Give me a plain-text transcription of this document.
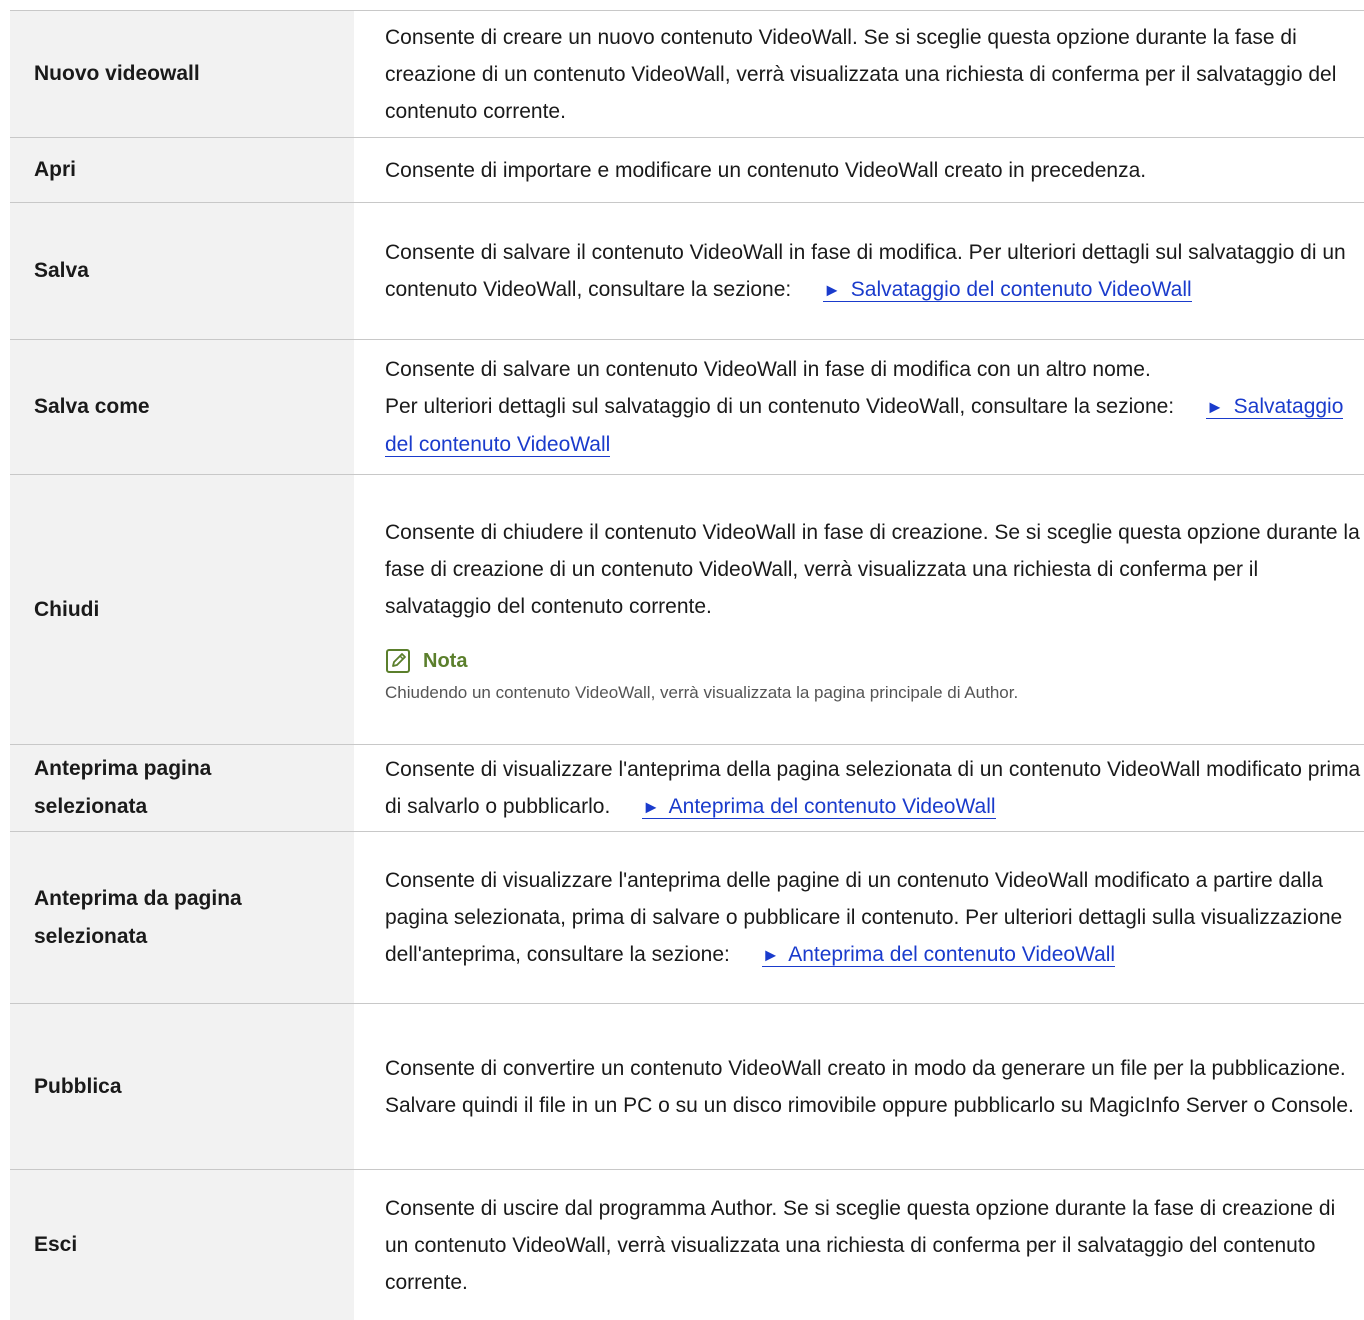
Nuovo videowall

Consente di creare un nuovo contenuto VideoWall. Se si sceglie questa opzione durante la fase di creazione di un contenuto VideoWall, verrà visualizzata una richiesta di conferma per il salvataggio del contenuto corrente.

Apri	Consente di importare e modificare un contenuto VideoWall creato in precedenza.

Salva

Consente di salvare il contenuto VideoWall in fase di modifica. Per ulteriori dettagli sul salvataggio di un contenuto VideoWall, consultare la sezione: ► Salvataggio del contenuto VideoWall

Salva come

Consente di salvare un contenuto VideoWall in fase di modifica con un altro nome.

Per ulteriori dettagli sul salvataggio di un contenuto VideoWall, consultare la sezione: ► Salvataggio del contenuto VideoWall

Chiudi

Consente di chiudere il contenuto VideoWall in fase di creazione. Se si sceglie questa opzione durante la fase di creazione di un contenuto VideoWall, verrà visualizzata una richiesta di conferma per il salvataggio del contenuto corrente.

Nota

Chiudendo un contenuto VideoWall, verrà visualizzata la pagina principale di Author.

Anteprima pagina selezionata

Consente di visualizzare l'anteprima della pagina selezionata di un contenuto VideoWall modificato prima di salvarlo o pubblicarlo. ► Anteprima del contenuto VideoWall

Anteprima da pagina selezionata

Consente di visualizzare l'anteprima delle pagine di un contenuto VideoWall modificato a partire dalla pagina selezionata, prima di salvare o pubblicare il contenuto. Per ulteriori dettagli sulla visualizzazione dell'anteprima, consultare la sezione: ► Anteprima del contenuto VideoWall

Pubblica

Consente di convertire un contenuto VideoWall creato in modo da generare un file per la pubblicazione. Salvare quindi il file in un PC o su un disco rimovibile oppure pubblicarlo su MagicInfo Server o Console.

Esci

Consente di uscire dal programma Author. Se si sceglie questa opzione durante la fase di creazione di un contenuto VideoWall, verrà visualizzata una richiesta di conferma per il salvataggio del contenuto corrente.
